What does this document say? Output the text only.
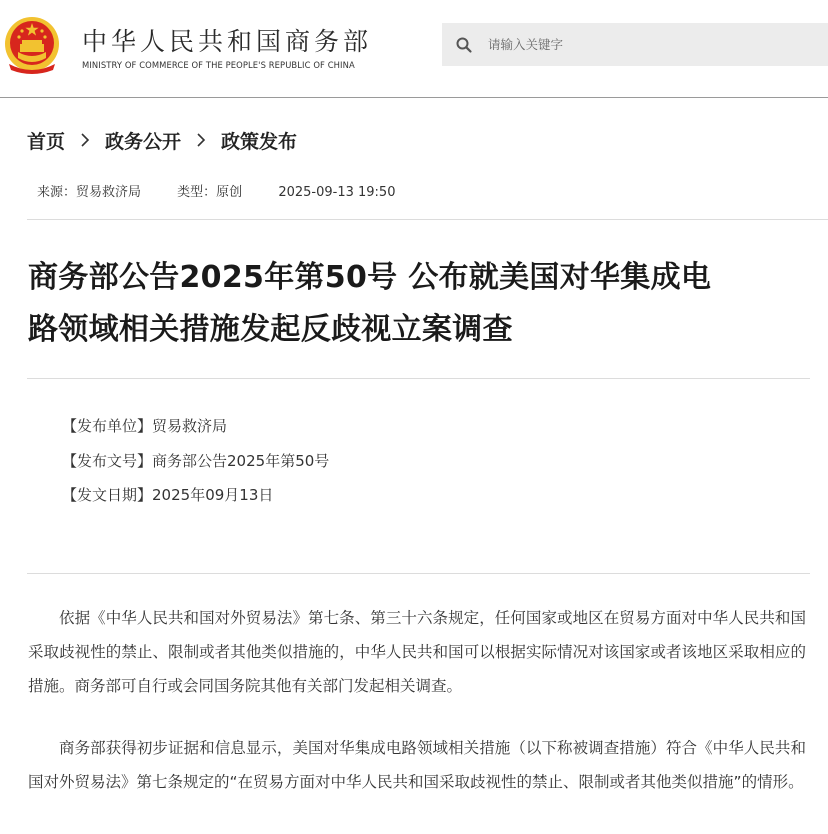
中华人民共和国商务部
MINISTRY OF COMMERCE OF THE PEOPLE'S REPUBLIC OF CHINA
请输入关键字
首页 政务公开 政策发布
来源：贸易救济局	类型：原创	2025-09-13 19:50
商务部公告2025年第50号 公布就美国对华集成电
路领域相关措施发起反歧视立案调查
【发布单位】贸易救济局
【发布文号】商务部公告2025年第50号
【发文日期】2025年09月13日

依据《中华人民共和国对外贸易法》第七条、第三十六条规定，任何国家或地区在贸易方面对中华人民共和国采取歧视性的禁止、限制或者其他类似措施的，中华人民共和国可以根据实际情况对该国家或者该地区采取相应的措施。商务部可自行或会同国务院其他有关部门发起相关调查。

商务部获得初步证据和信息显示，美国对华集成电路领域相关措施（以下称被调查措施）符合《中华人民共和国对外贸易法》第七条规定的“在贸易方面对中华人民共和国采取歧视性的禁止、限制或者其他类似措施”的情形。
